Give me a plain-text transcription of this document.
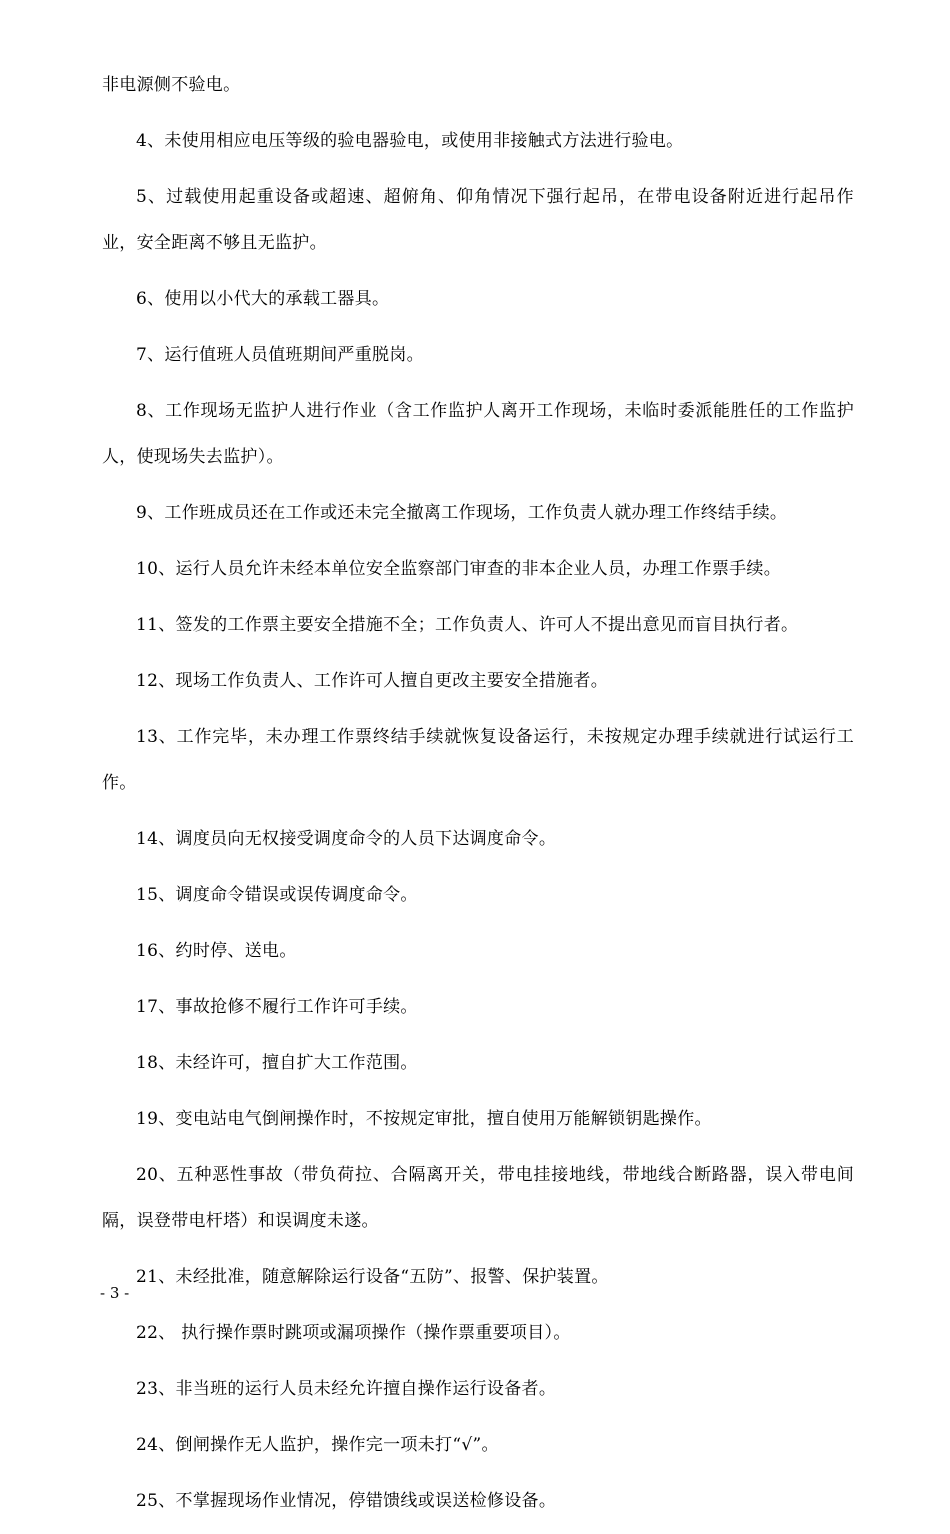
非电源侧不验电。

4、未使用相应电压等级的验电器验电，或使用非接触式方法进行验电。

5、过载使用起重设备或超速、超俯角、仰角情况下强行起吊，在带电设备附近进行起吊作业，安全距离不够且无监护。

6、使用以小代大的承载工器具。

7、运行值班人员值班期间严重脱岗。

8、工作现场无监护人进行作业（含工作监护人离开工作现场，未临时委派能胜任的工作监护人，使现场失去监护）。

9、工作班成员还在工作或还未完全撤离工作现场，工作负责人就办理工作终结手续。

10、运行人员允许未经本单位安全监察部门审查的非本企业人员，办理工作票手续。

11、签发的工作票主要安全措施不全；工作负责人、许可人不提出意见而盲目执行者。

12、现场工作负责人、工作许可人擅自更改主要安全措施者。

13、工作完毕，未办理工作票终结手续就恢复设备运行，未按规定办理手续就进行试运行工作。

14、调度员向无权接受调度命令的人员下达调度命令。

15、调度命令错误或误传调度命令。

16、约时停、送电。

17、事故抢修不履行工作许可手续。

18、未经许可，擅自扩大工作范围。

19、变电站电气倒闸操作时，不按规定审批，擅自使用万能解锁钥匙操作。

20、五种恶性事故（带负荷拉、合隔离开关，带电挂接地线，带地线合断路器，误入带电间隔，误登带电杆塔）和误调度未遂。

21、未经批准，随意解除运行设备“五防”、报警、保护装置。

22、 执行操作票时跳项或漏项操作（操作票重要项目）。

23、非当班的运行人员未经允许擅自操作运行设备者。

24、倒闸操作无人监护，操作完一项未打“√”。

25、不掌握现场作业情况，停错馈线或误送检修设备。

- 3 -
